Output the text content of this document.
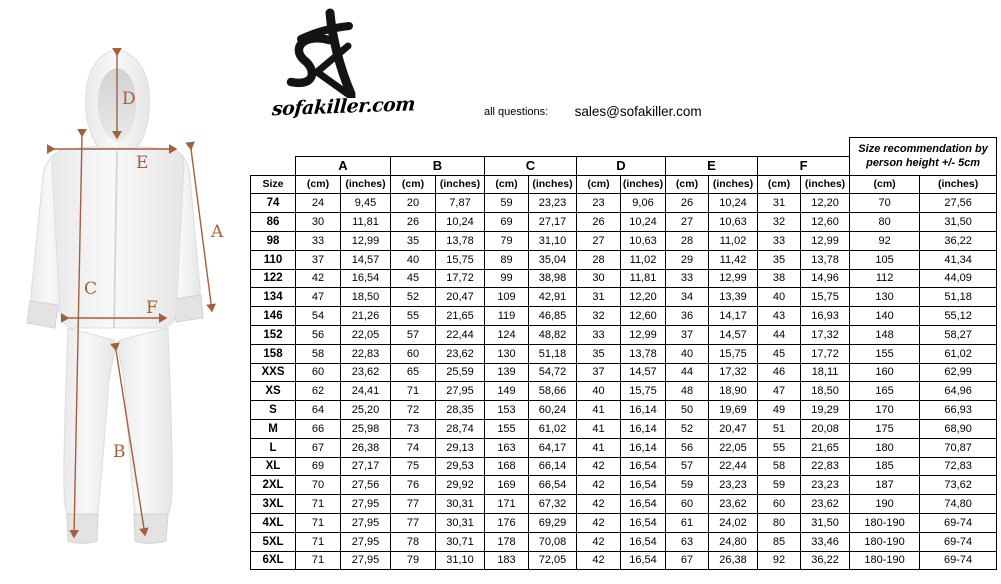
D
E
A
C
F
B
sofakiller.com	all questions: sales@sofakiller.com

													Size recommendation by
person height +/- 5cm	

	A		B		C		D		E		F			
Size	(cm)	(inches)	(cm)	(inches)	(cm)	(inches)	(cm)	(inches)	(cm)	(inches)	(cm)	(inches)	(cm)	(inches)
74	24	9,45	20	7,87	59	23,23	23	9,06	26	10,24	31	12,20	70	27,56
86	30	11,81	26	10,24	69	27,17	26	10,24	27	10,63	32	12,60	80	31,50
98	33	12,99	35	13,78	79	31,10	27	10,63	28	11,02	33	12,99	92	36,22
110	37	14,57	40	15,75	89	35,04	28	11,02	29	11,42	35	13,78	105	41,34
122	42	16,54	45	17,72	99	38,98	30	11,81	33	12,99	38	14,96	112	44,09
134	47	18,50	52	20,47	109	42,91	31	12,20	34	13,39	40	15,75	130	51,18
146	54	21,26	55	21,65	119	46,85	32	12,60	36	14,17	43	16,93	140	55,12
152	56	22,05	57	22,44	124	48,82	33	12,99	37	14,57	44	17,32	148	58,27
158	58	22,83	60	23,62	130	51,18	35	13,78	40	15,75	45	17,72	155	61,02
XXS	60	23,62	65	25,59	139	54,72	37	14,57	44	17,32	46	18,11	160	62,99
XS	62	24,41	71	27,95	149	58,66	40	15,75	48	18,90	47	18,50	165	64,96
S	64	25,20	72	28,35	153	60,24	41	16,14	50	19,69	49	19,29	170	66,93
M	66	25,98	73	28,74	155	61,02	41	16,14	52	20,47	51	20,08	175	68,90
L	67	26,38	74	29,13	163	64,17	41	16,14	56	22,05	55	21,65	180	70,87
XL	69	27,17	75	29,53	168	66,14	42	16,54	57	22,44	58	22,83	185	72,83
2XL	70	27,56	76	29,92	169	66,54	42	16,54	59	23,23	59	23,23	187	73,62
3XL	71	27,95	77	30,31	171	67,32	42	16,54	60	23,62	60	23,62	190	74,80
4XL	71	27,95	77	30,31	176	69,29	42	16,54	61	24,02	80	31,50	180-190	69-74
5XL	71	27,95	78	30,71	178	70,08	42	16,54	63	24,80	85	33,46	180-190	69-74
6XL	71	27,95	79	31,10	183	72,05	42	16,54	67	26,38	92	36,22	180-190	69-74
